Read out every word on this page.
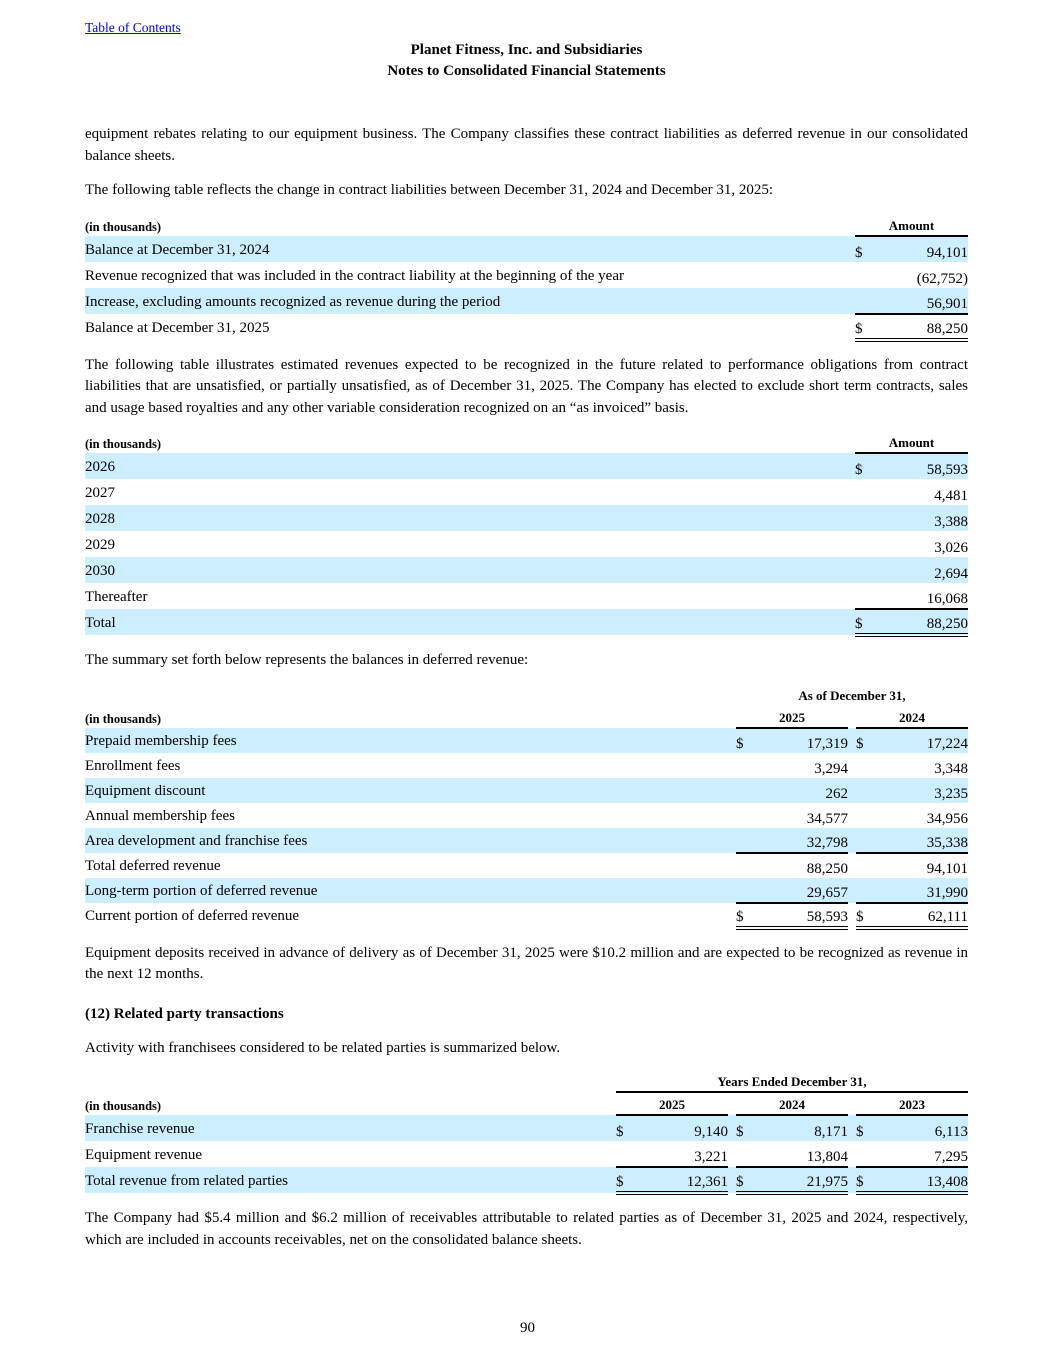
Table of Contents
Planet Fitness, Inc. and Subsidiaries
Notes to Consolidated Financial Statements

equipment rebates relating to our equipment business. The Company classifies these contract liabilities as deferred revenue in our consolidated balance sheets.

The following table reflects the change in contract liabilities between December 31, 2024 and December 31, 2025:

(in thousands)	Amount	
Balance at December 31, 2024	$	94,101
Revenue recognized that was included in the contract liability at the beginning of the year		(62,752)
Increase, excluding amounts recognized as revenue during the period		56,901
Balance at December 31, 2025	$	88,250

The following table illustrates estimated revenues expected to be recognized in the future related to performance obligations from contract liabilities that are unsatisfied, or partially unsatisfied, as of December 31, 2025. The Company has elected to exclude short term contracts, sales and usage based royalties and any other variable consideration recognized on an “as invoiced” basis.

(in thousands)	Amount	
2026	$	58,593
2027		4,481
2028		3,388
2029		3,026
2030		2,694
Thereafter		16,068
Total	$	88,250

The summary set forth below represents the balances in deferred revenue:

	As of December 31,				
(in thousands)	2025			2024	
Prepaid membership fees	$	17,319		$	17,224
Enrollment fees		3,294			3,348
Equipment discount		262			3,235
Annual membership fees		34,577			34,956
Area development and franchise fees		32,798			35,338
Total deferred revenue		88,250			94,101
Long-term portion of deferred revenue		29,657			31,990
Current portion of deferred revenue	$	58,593		$	62,111

Equipment deposits received in advance of delivery as of December 31, 2025 were $10.2 million and are expected to be recognized as revenue in the next 12 months.

(12) Related party transactions

Activity with franchisees considered to be related parties is summarized below.

	Years Ended December 31,							
(in thousands)	2025			2024			2023	
Franchise revenue	$	9,140		$	8,171		$	6,113
Equipment revenue		3,221			13,804			7,295
Total revenue from related parties	$	12,361		$	21,975		$	13,408

The Company had $5.4 million and $6.2 million of receivables attributable to related parties as of December 31, 2025 and 2024, respectively, which are included in accounts receivables, net on the consolidated balance sheets.

90
